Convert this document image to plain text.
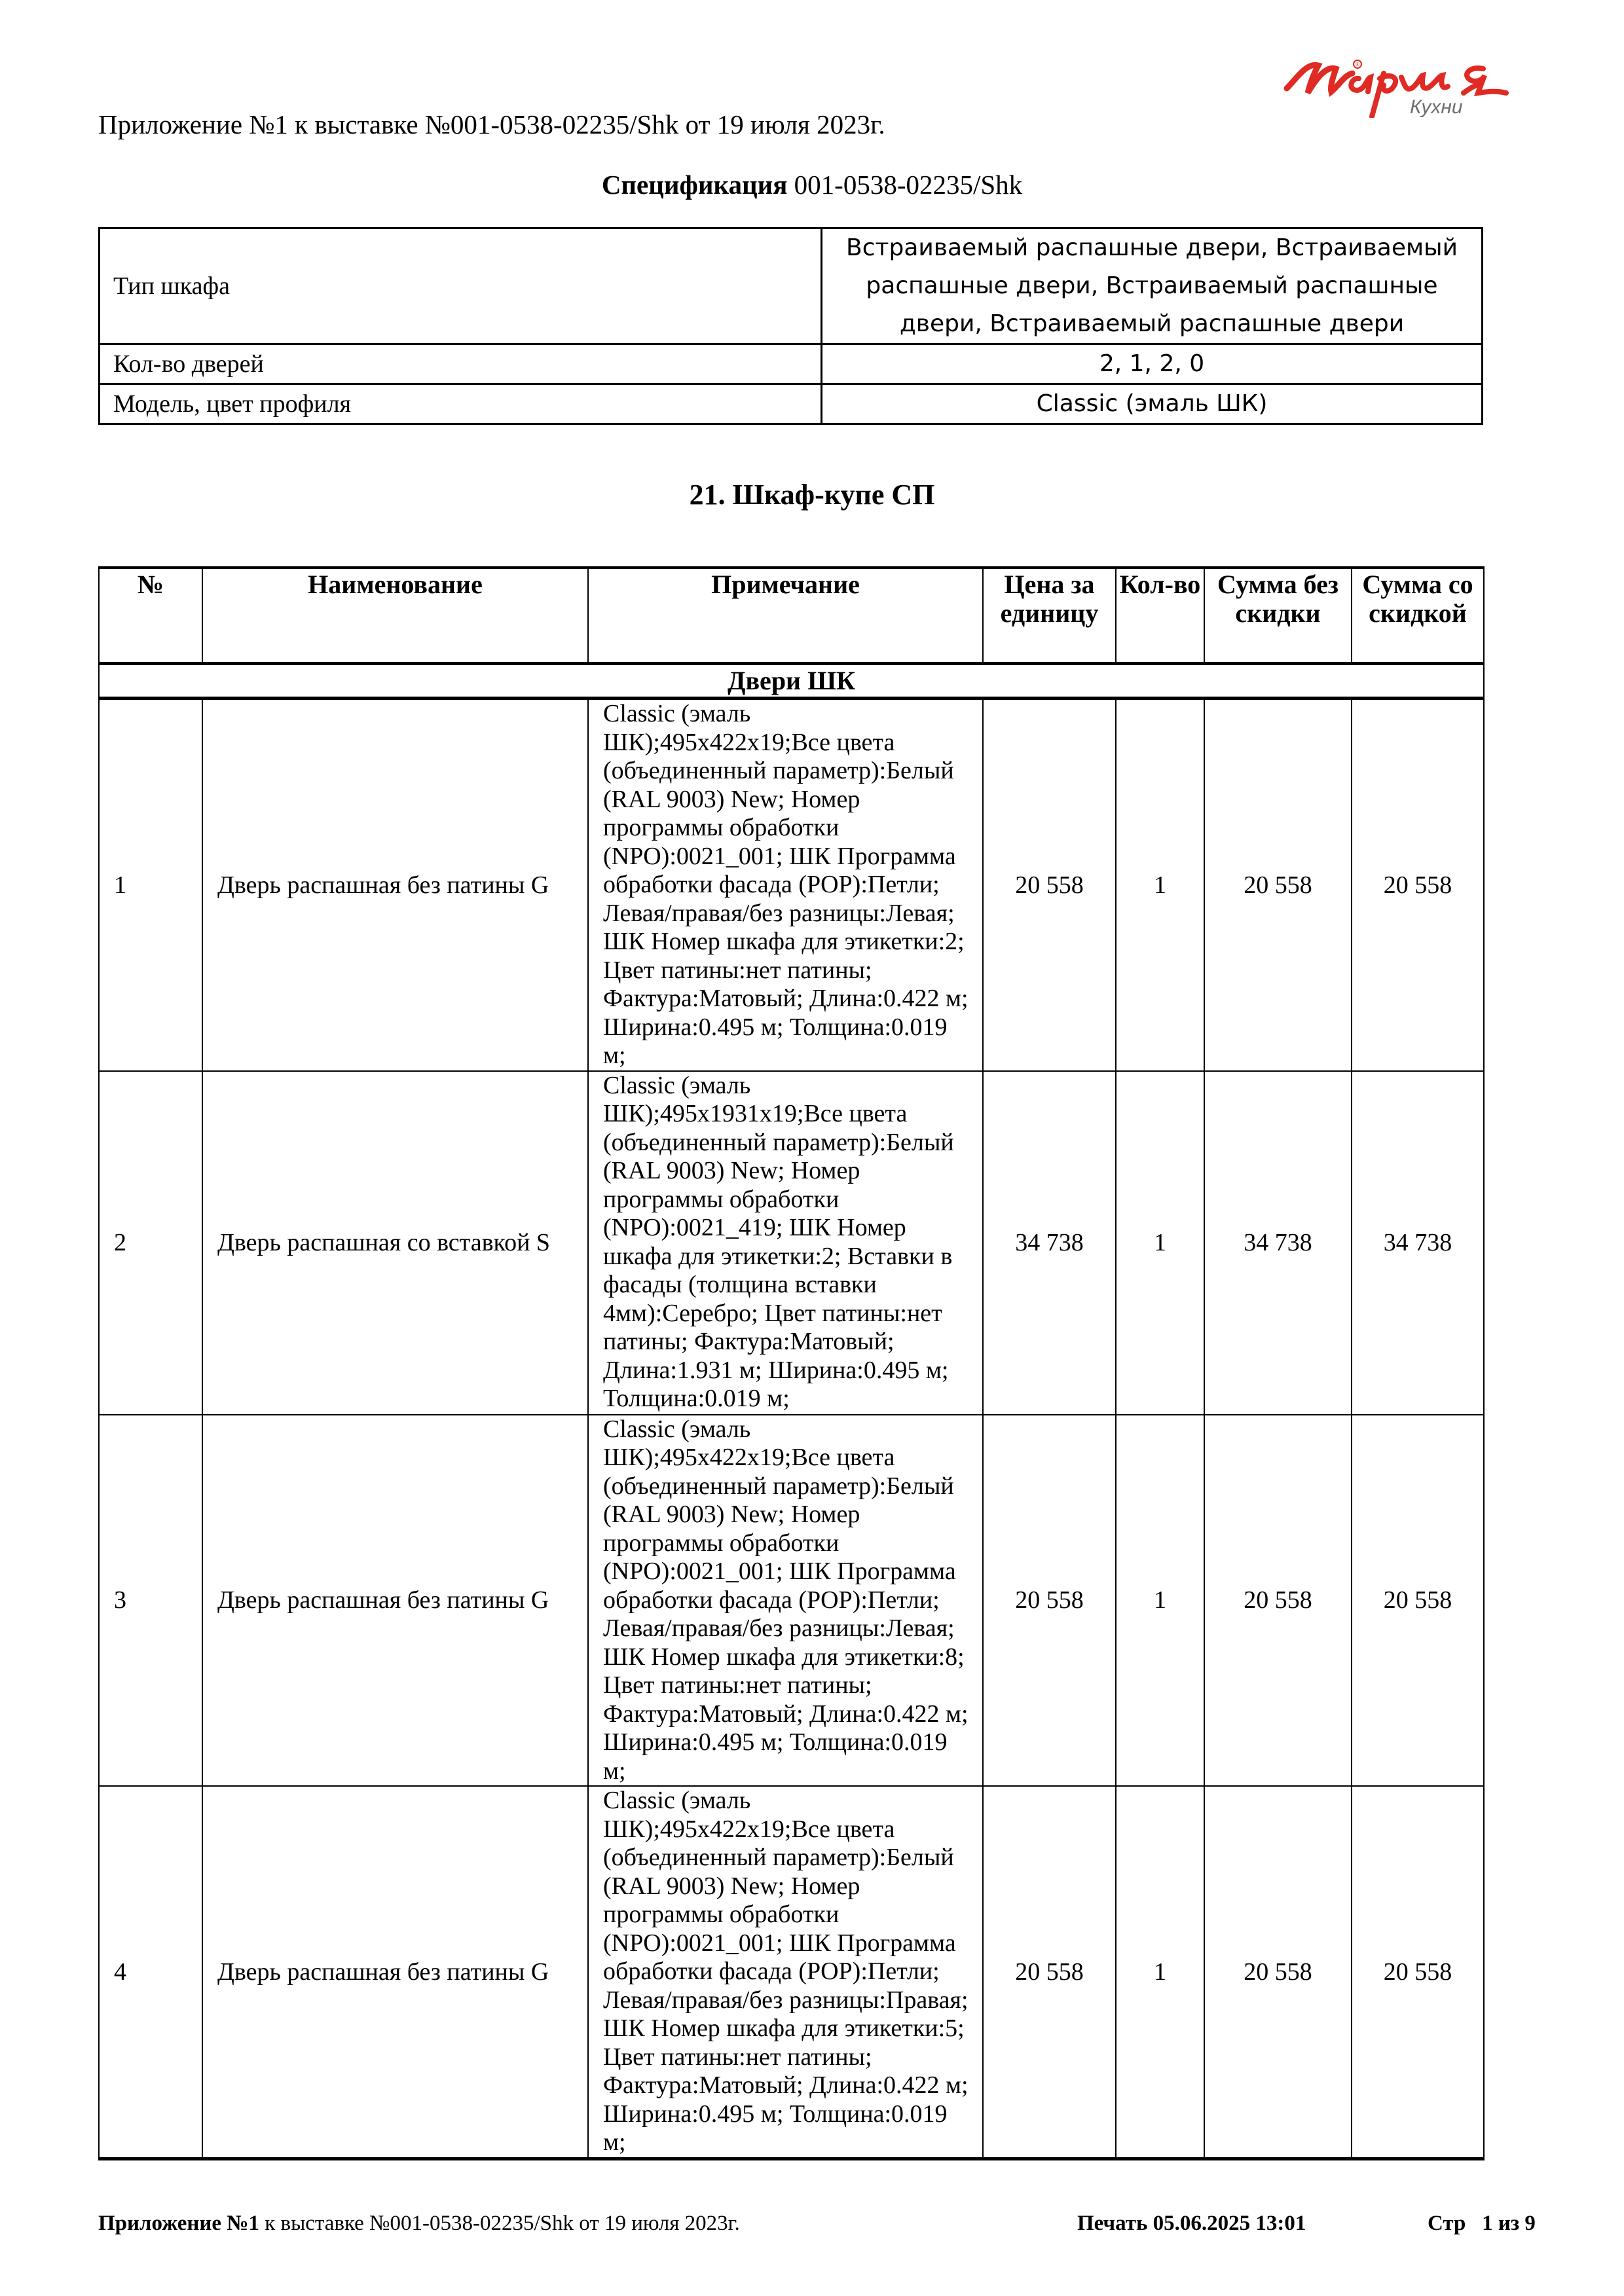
®
Кухни
Приложение №1 к выставке №001-0538-02235/Shk от 19 июля 2023г.
Спецификация 001-0538-02235/Shk
Тип шкафа	Встраиваемый распашные двери, Встраиваемый распашные двери, Встраиваемый распашные двери, Встраиваемый распашные двери
Кол-во дверей	2, 1, 2, 0
Модель, цвет профиля	Classic (эмаль ШК)
21. Шкаф-купе СП
№	Наименование	Примечание	Цена за единицу	Кол-во	Сумма без скидки	Сумма со скидкой
Двери ШК						
1	Дверь распашная без патины G	Classic (эмаль ШК);495x422x19;Все цвета (объединенный параметр):Белый (RAL 9003) New; Номер программы обработки (NPO):0021_001; ШК Программа обработки фасада (POP):Петли; Левая/правая/без разницы:Левая; ШК Номер шкафа для этикетки:2; Цвет патины:нет патины; Фактура:Матовый; Длина:0.422 м; Ширина:0.495 м; Толщина:0.019 м;	20 558	1	20 558	20 558
2	Дверь распашная со вставкой S	Classic (эмаль ШК);495x1931x19;Все цвета (объединенный параметр):Белый (RAL 9003) New; Номер программы обработки (NPO):0021_419; ШК Номер шкафа для этикетки:2; Вставки в фасады (толщина вставки 4мм):Серебро; Цвет патины:нет патины; Фактура:Матовый; Длина:1.931 м; Ширина:0.495 м; Толщина:0.019 м;	34 738	1	34 738	34 738
3	Дверь распашная без патины G	Classic (эмаль ШК);495x422x19;Все цвета (объединенный параметр):Белый (RAL 9003) New; Номер программы обработки (NPO):0021_001; ШК Программа обработки фасада (POP):Петли; Левая/правая/без разницы:Левая; ШК Номер шкафа для этикетки:8; Цвет патины:нет патины; Фактура:Матовый; Длина:0.422 м; Ширина:0.495 м; Толщина:0.019 м;	20 558	1	20 558	20 558
4	Дверь распашная без патины G	Classic (эмаль ШК);495x422x19;Все цвета (объединенный параметр):Белый (RAL 9003) New; Номер программы обработки (NPO):0021_001; ШК Программа обработки фасада (POP):Петли; Левая/правая/без разницы:Правая; ШК Номер шкафа для этикетки:5; Цвет патины:нет патины; Фактура:Матовый; Длина:0.422 м; Ширина:0.495 м; Толщина:0.019 м;	20 558	1	20 558	20 558
Приложение №1 к выставке №001-0538-02235/Shk от 19 июля 2023г.	Печать 05.06.2025 13:01	Стр 1 из 9
